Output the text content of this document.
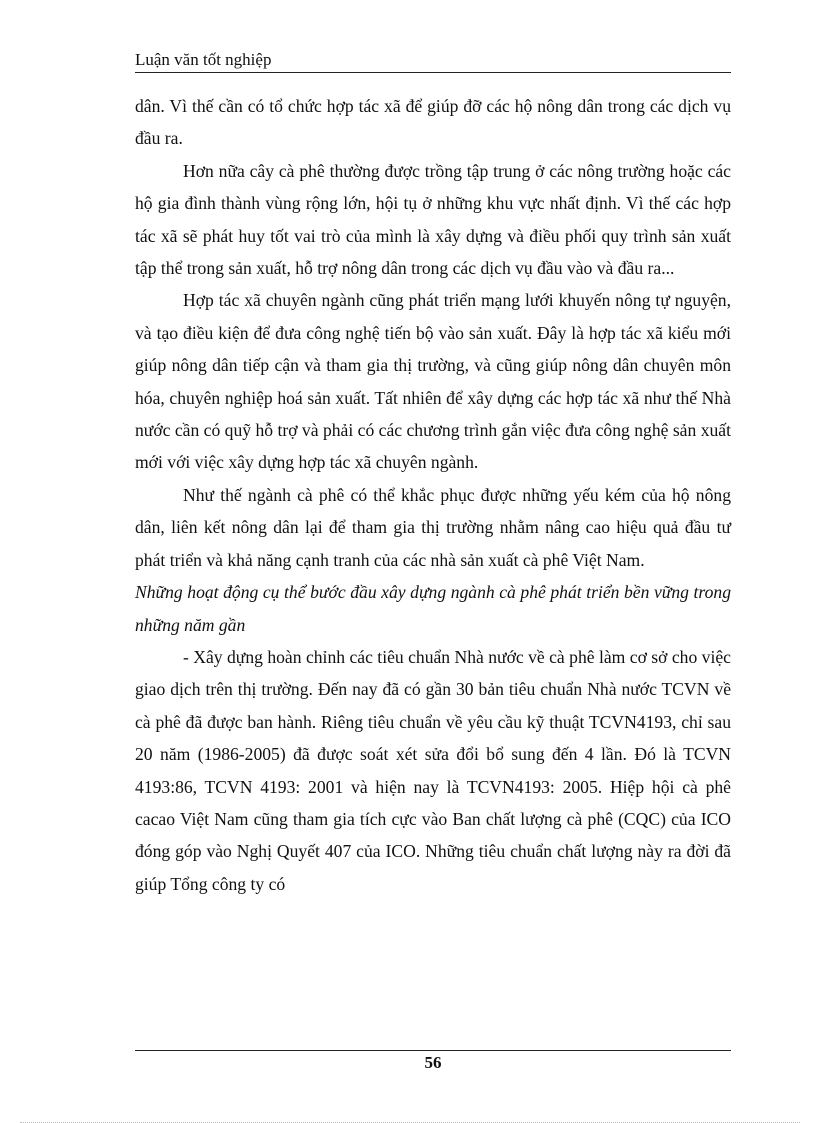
Luận văn tốt nghiệp

dân. Vì thế cần có tổ chức hợp tác xã để giúp đỡ các hộ nông dân trong các dịch vụ đầu ra.

Hơn nữa cây cà phê thường được trồng tập trung ở các nông trường hoặc các hộ gia đình thành vùng rộng lớn, hội tụ ở những khu vực nhất định. Vì thế các hợp tác xã sẽ phát huy tốt vai trò của mình là xây dựng và điều phối quy trình sản xuất tập thể trong sản xuất, hỗ trợ nông dân trong các dịch vụ đầu vào và đầu ra...

Hợp tác xã chuyên ngành cũng phát triển mạng lưới khuyến nông tự nguyện, và tạo điều kiện để đưa công nghệ tiến bộ vào sản xuất. Đây là hợp tác xã kiểu mới giúp nông dân tiếp cận và tham gia thị trường, và cũng giúp nông dân chuyên môn hóa, chuyên nghiệp hoá sản xuất. Tất nhiên để xây dựng các hợp tác xã như thế Nhà nước cần có quỹ hỗ trợ và phải có các chương trình gắn việc đưa công nghệ sản xuất mới với việc xây dựng hợp tác xã chuyên ngành.

Như thế ngành cà phê có thể khắc phục được những yếu kém của hộ nông dân, liên kết nông dân lại để tham gia thị trường nhằm nâng cao hiệu quả đầu tư phát triển và khả năng cạnh tranh của các nhà sản xuất cà phê Việt Nam.

Những hoạt động cụ thể bước đầu xây dựng ngành cà phê phát triển bền vững trong những năm gần

- Xây dựng hoàn chỉnh các tiêu chuẩn Nhà nước về cà phê làm cơ sở cho việc giao dịch trên thị trường. Đến nay đã có gần 30 bản tiêu chuẩn Nhà nước TCVN về cà phê đã được ban hành. Riêng tiêu chuẩn về yêu cầu kỹ thuật TCVN4193, chỉ sau 20 năm (1986-2005) đã được soát xét sửa đổi bổ sung đến 4 lần. Đó là TCVN 4193:86, TCVN 4193: 2001 và hiện nay là TCVN4193: 2005. Hiệp hội cà phê cacao Việt Nam cũng tham gia tích cực vào Ban chất lượng cà phê (CQC) của ICO đóng góp vào Nghị Quyết 407 của ICO. Những tiêu chuẩn chất lượng này ra đời đã giúp Tổng công ty có

56
